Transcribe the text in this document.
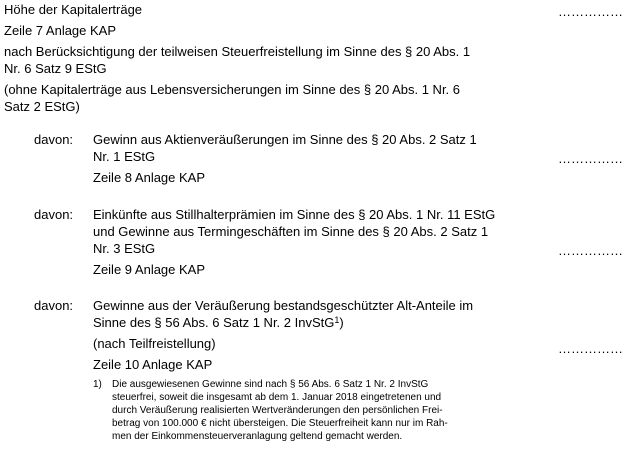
Höhe der Kapitalerträge
Zeile 7 Anlage KAP
nach Berücksichtigung der teilweisen Steuerfreistellung im Sinne des § 20 Abs. 1
Nr. 6 Satz 9 EStG
(ohne Kapitalerträge aus Lebensversicherungen im Sinne des § 20 Abs. 1 Nr. 6
Satz 2 EStG)
……………
davon: Gewinn aus Aktienveräußerungen im Sinne des § 20 Abs. 2 Satz 1
Nr. 1 EStG
Zeile 8 Anlage KAP
……………
davon: Einkünfte aus Stillhalterprämien im Sinne des § 20 Abs. 1 Nr. 11 EStG
und Gewinne aus Termingeschäften im Sinne des § 20 Abs. 2 Satz 1
Nr. 3 EStG
Zeile 9 Anlage KAP
……………
davon: Gewinne aus der Veräußerung bestandsgeschützter Alt-Anteile im
Sinne des § 56 Abs. 6 Satz 1 Nr. 2 InvStG$^1$)
(nach Teilfreistellung)
Zeile 10 Anlage KAP
……………
1) Die ausgewiesenen Gewinne sind nach § 56 Abs. 6 Satz 1 Nr. 2 InvStG
steuerfrei, soweit die insgesamt ab dem 1. Januar 2018 eingetretenen und
durch Veräußerung realisierten Wertveränderungen den persönlichen Frei-
betrag von 100.000 € nicht übersteigen. Die Steuerfreiheit kann nur im Rah-
men der Einkommensteuerveranlagung geltend gemacht werden.
